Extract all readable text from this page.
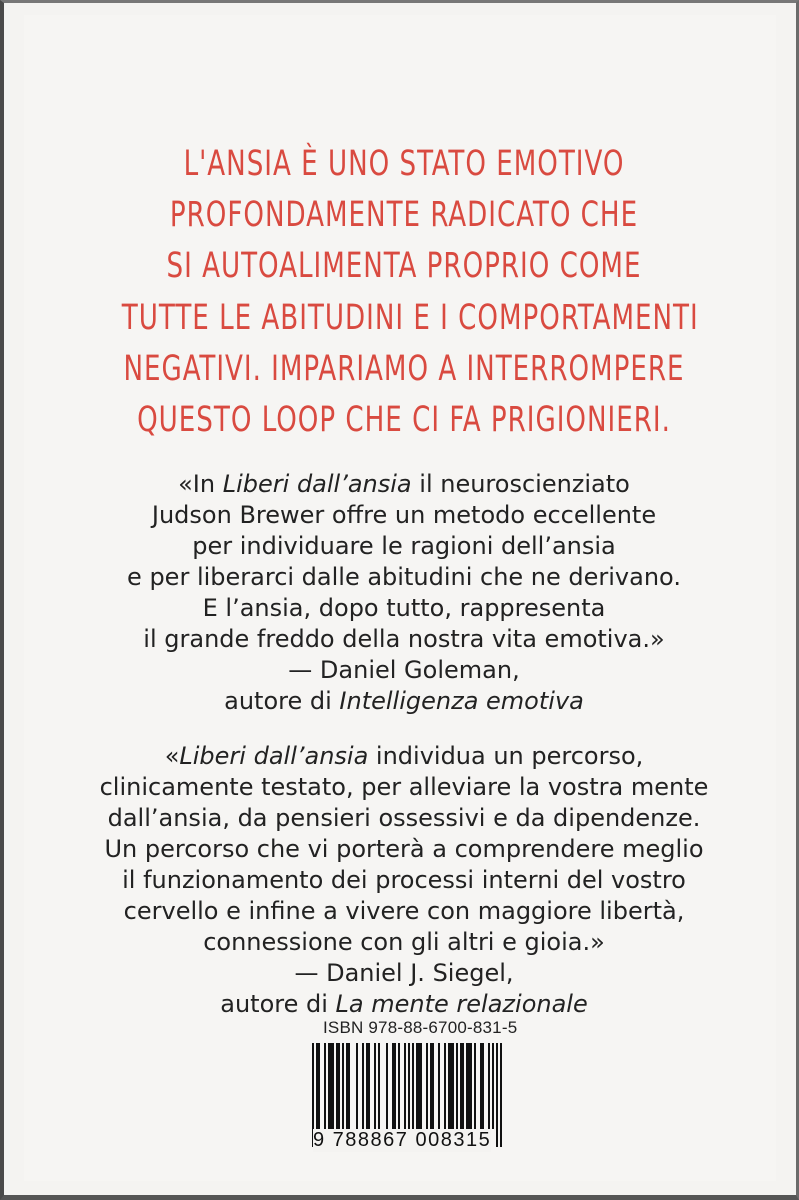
L'ANSIA È UNO STATO EMOTIVO
PROFONDAMENTE RADICATO CHE
SI AUTOALIMENTA PROPRIO COME
TUTTE LE ABITUDINI E I COMPORTAMENTI
NEGATIVI. IMPARIAMO A INTERROMPERE
QUESTO LOOP CHE CI FA PRIGIONIERI.
«In Liberi dall’ansia il neuroscienziato
Judson Brewer offre un metodo eccellente
per individuare le ragioni dell’ansia
e per liberarci dalle abitudini che ne derivano.
E l’ansia, dopo tutto, rappresenta
il grande freddo della nostra vita emotiva.»
— Daniel Goleman,
autore di Intelligenza emotiva
«Liberi dall’ansia individua un percorso,
clinicamente testato, per alleviare la vostra mente
dall’ansia, da pensieri ossessivi e da dipendenze.
Un percorso che vi porterà a comprendere meglio
il funzionamento dei processi interni del vostro
cervello e infine a vivere con maggiore libertà,
connessione con gli altri e gioia.»
— Daniel J. Siegel,
autore di La mente relazionale
ISBN 978-88-6700-831-5
9 788867 008315
